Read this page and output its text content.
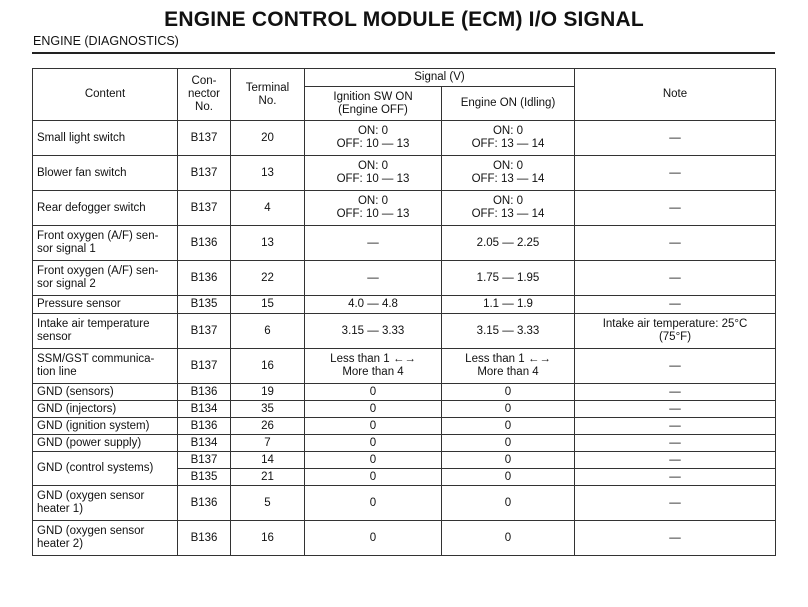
ENGINE CONTROL MODULE (ECM) I/O SIGNAL
ENGINE (DIAGNOSTICS)
Content	Con-
nector
No.	Terminal
No.	Signal (V)		Note
			Ignition SW ON
(Engine OFF)	Engine ON (Idling)	
Small light switch	B137	20	ON: 0
OFF: 10 — 13	ON: 0
OFF: 13 — 14	—
Blower fan switch	B137	13	ON: 0
OFF: 10 — 13	ON: 0
OFF: 13 — 14	—
Rear defogger switch	B137	4	ON: 0
OFF: 10 — 13	ON: 0
OFF: 13 — 14	—
Front oxygen (A/F) sen-
sor signal 1	B136	13	—	2.05 — 2.25	—
Front oxygen (A/F) sen-
sor signal 2	B136	22	—	1.75 — 1.95	—
Pressure sensor	B135	15	4.0 — 4.8	1.1 — 1.9	—
Intake air temperature
sensor	B137	6	3.15 — 3.33	3.15 — 3.33	Intake air temperature: 25°C
(75°F)
SSM/GST communica-
tion line	B137	16	Less than 1 ←→
More than 4	Less than 1 ←→
More than 4	—
GND (sensors)	B136	19	0	0	—
GND (injectors)	B134	35	0	0	—
GND (ignition system)	B136	26	0	0	—
GND (power supply)	B134	7	0	0	—
GND (control systems)	B137	14	0	0	—
	B135	21	0	0	—
GND (oxygen sensor
heater 1)	B136	5	0	0	—
GND (oxygen sensor
heater 2)	B136	16	0	0	—
